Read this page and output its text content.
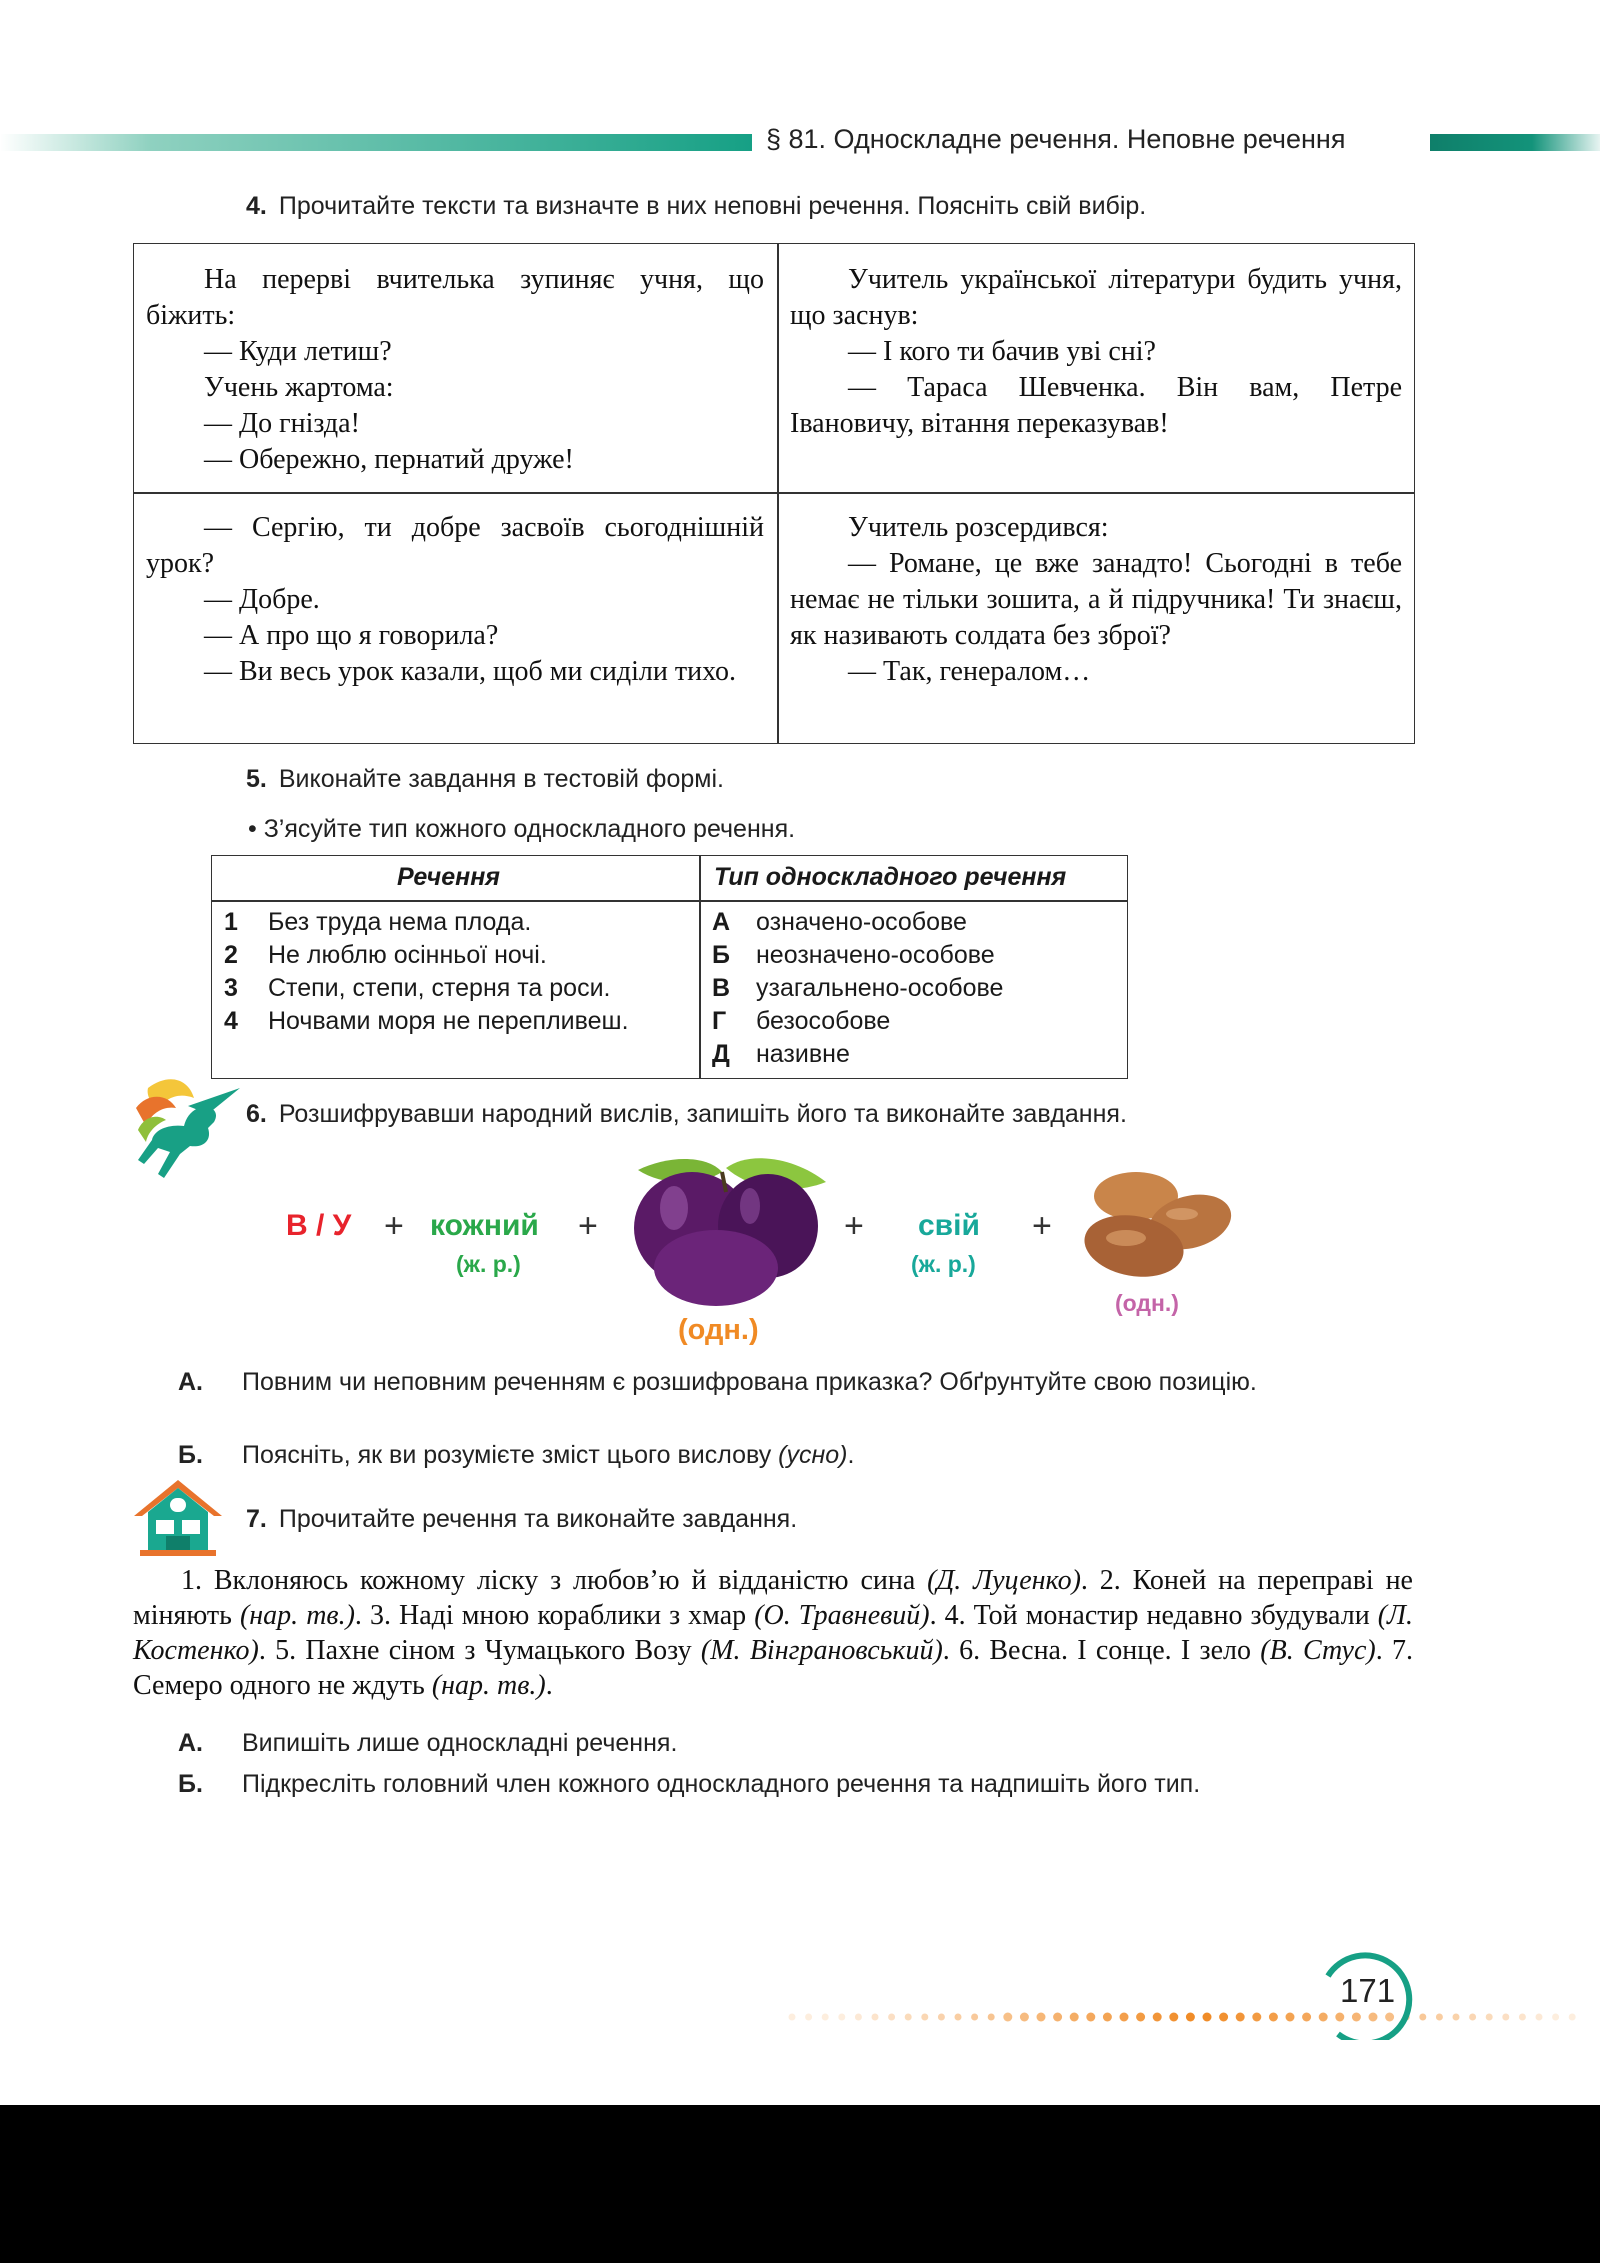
§ 81. Односкладне речення. Неповне речення
4. Прочитайте тексти та визначте в них неповні речення. Поясніть свій вибір.

На перерві вчителька зупиняє учня, що біжить:

— Куди летиш?

Учень жартома:

— До гнізда!

— Обережно, пернатий друже!

Учитель української літератури будить учня, що заснув:

— І кого ти бачив уві сні?

— Тараса Шевченка. Він вам, Петре Івановичу, вітання переказував!

— Сергію, ти добре засвоїв сьогоднішній урок?

— Добре.

— А про що я говорила?

— Ви весь урок казали, щоб ми сиділи тихо.

Учитель розсердився:

— Романе, це вже занадто! Сьогодні в тебе немає не тільки зошита, а й підручника! Ти знаєш, як називають солдата без зброї?

— Так, генералом…

5. Виконайте завдання в тестовій формі.
• З’ясуйте тип кожного односкладного речення.
Речення	Тип односкладного речення
1 Без труда нема плода.
2 Не люблю осінньої ночі.
3 Степи, степи, стерня та роси.
4 Ночвами моря не перепливеш.
А означено-особове
Б неозначено-особове
В узагальнено-особове
Г безособове
Д називне
6. Розшифрувавши народний вислів, запишіть його та виконайте завдання.
В / У + кожний
(ж. р.)
+
(одн.)
+ свій
(ж. р.)
+
(одн.)
А. Повним чи неповним реченням є розшифрована приказка? Обґрунтуйте свою позицію.
Б. Поясніть, як ви розумієте зміст цього вислову (усно).
7. Прочитайте речення та виконайте завдання.

1. Вклоняюсь кожному ліску з любов’ю й відданістю сина (Д. Луценко). 2. Коней на переправі не міняють (нар. тв.). 3. Наді мною кораблики з хмар (О. Травневий). 4. Той монастир недавно збудували (Л. Костенко). 5. Пахне сіном з Чумацького Возу (М. Вінграновський). 6. Весна. І сонце. І зело (В. Стус). 7. Семеро одного не ждуть (нар. тв.).

А. Випишіть лише односкладні речення.
Б. Підкресліть головний член кожного односкладного речення та надпишіть його тип.
171
